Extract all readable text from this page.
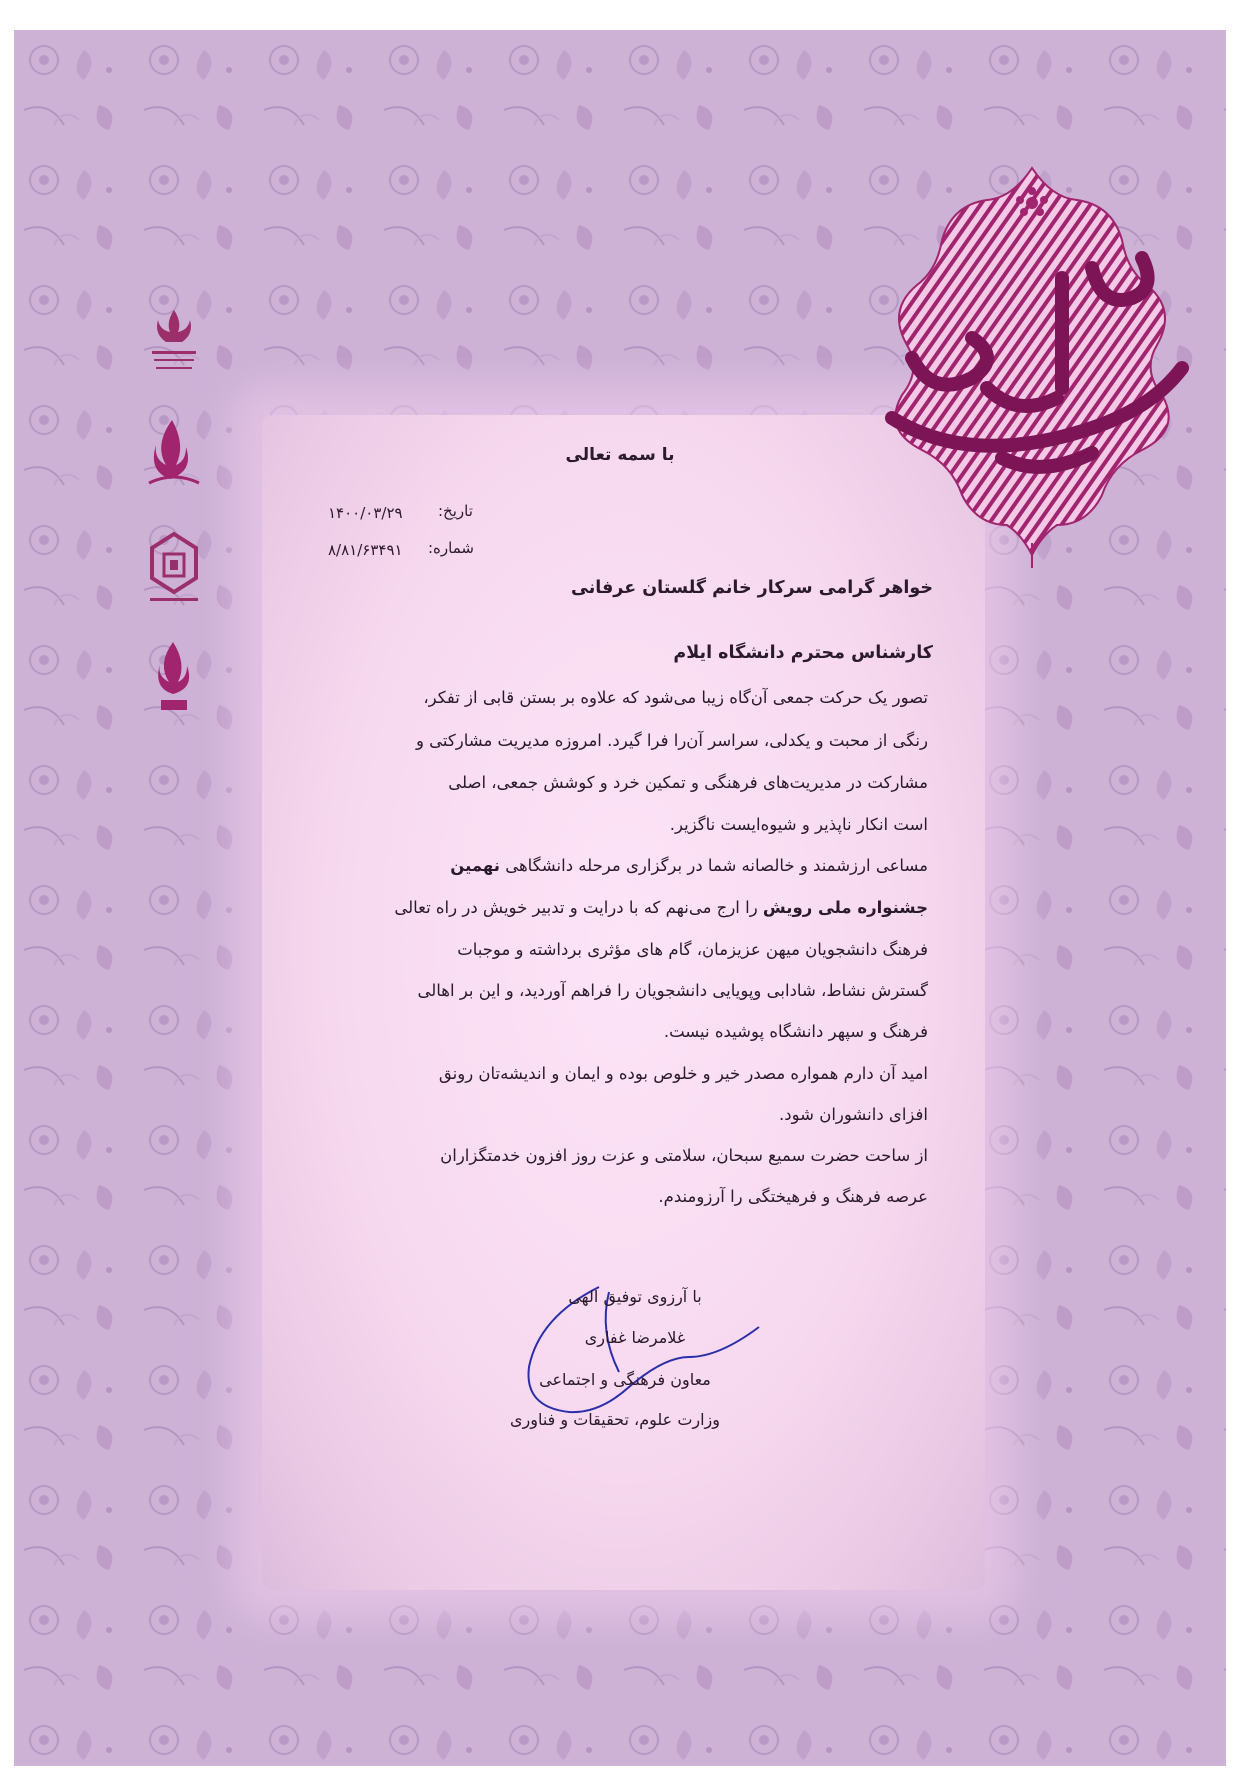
با سمه تعالی
تاریخ:
۱۴۰۰/۰۳/۲۹
شماره:
۸/۸۱/۶۳۴۹۱
خواهر گرامی سرکار خانم گلستان عرفانی
کارشناس محترم دانشگاه ایلام
تصور یک حرکت جمعی آن‌گاه زیبا می‌شود که علاوه بر بستن قابی از تفکر،
رنگی از محبت و یکدلی، سراسر آن‌را فرا گیرد. امروزه مدیریت مشارکتی و
مشارکت در مدیریت‌های فرهنگی و تمکین خرد و کوشش جمعی، اصلی
است انکار ناپذیر و شیوه‌ایست ناگزیر.
مساعی ارزشمند و خالصانه شما در برگزاری مرحله دانشگاهی نهمین
جشنواره ملی رویش را ارج می‌نهم که با درایت و تدبیر خویش در راه تعالی
فرهنگ دانشجویان میهن عزیزمان، گام های مؤثری برداشته و موجبات
گسترش نشاط، شادابی وپویایی دانشجویان را فراهم آوردید، و این بر اهالی
فرهنگ و سپهر دانشگاه پوشیده نیست.
امید آن دارم همواره مصدر خیر و خلوص بوده و ایمان و اندیشه‌تان رونق
افزای دانشوران شود.
از ساحت حضرت سمیع سبحان، سلامتی و عزت روز افزون خدمتگزاران
عرصه فرهنگ و فرهیختگی را آرزومندم.
با آرزوی توفیق الهی
غلامرضا غفاری
معاون فرهنگی و اجتماعی
وزارت علوم، تحقیقات و فناوری
